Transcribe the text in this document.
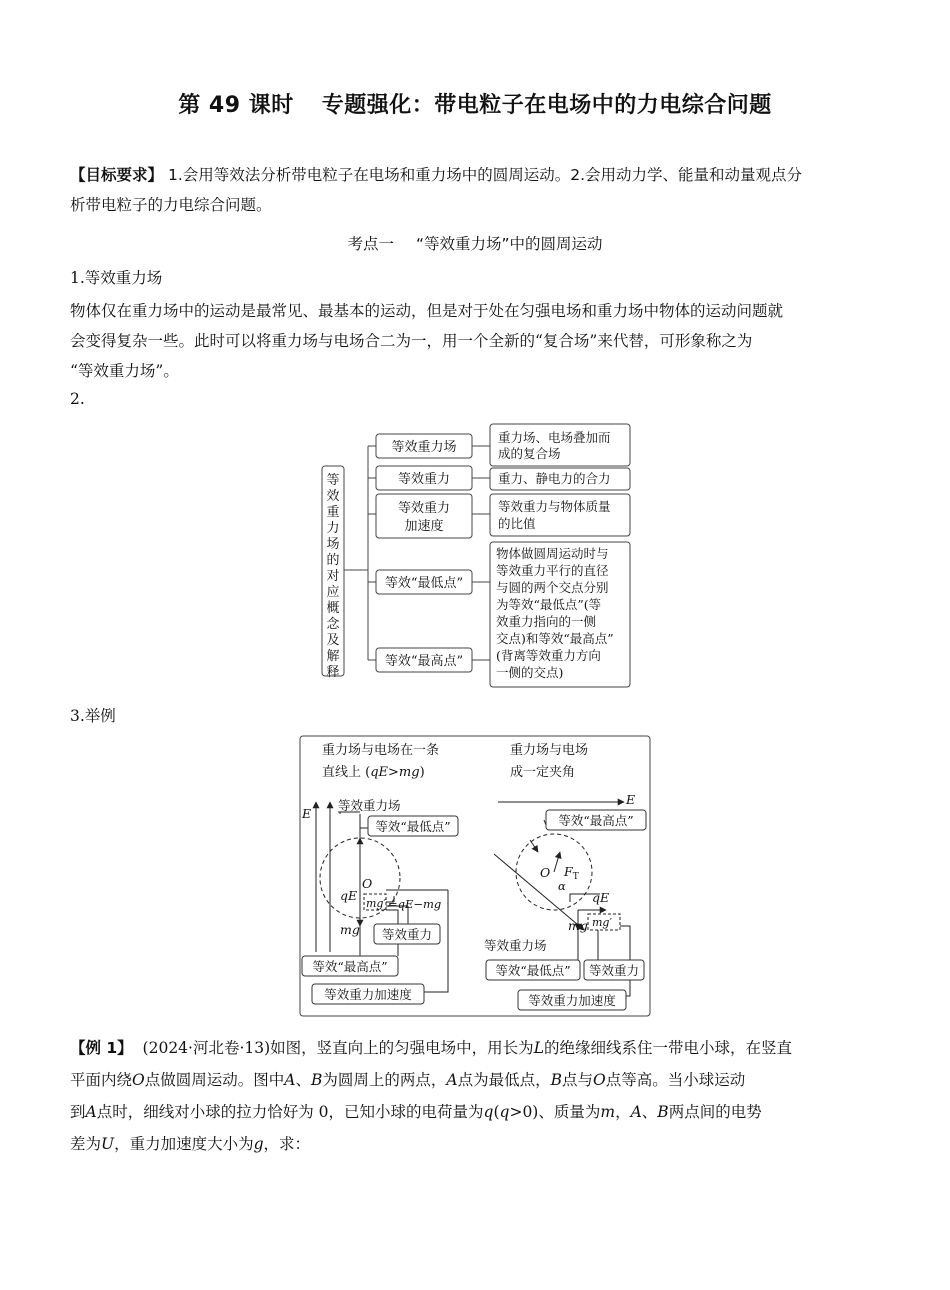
第 49 课时 专题强化：带电粒子在电场中的力电综合问题
【目标要求】 1.会用等效法分析带电粒子在电场和重力场中的圆周运动。2.会用动力学、能量和动量观点分
析带电粒子的力电综合问题。
考点一 “等效重力场”中的圆周运动
1.等效重力场
物体仅在重力场中的运动是最常见、最基本的运动，但是对于处在匀强电场和重力场中物体的运动问题就
会变得复杂一些。此时可以将重力场与电场合二为一，用一个全新的“复合场”来代替，可形象称之为
“等效重力场”。
2.
等
效
重
力
场
的
对
应
概
念
及
解
释
等效重力场
等效重力
等效重力
加速度
等效“最低点”
等效“最高点”
重力场、电场叠加而
成的复合场
重力、静电力的合力
等效重力与物体质量
的比值
物体做圆周运动时与
等效重力平行的直径
与圆的两个交点分别
为等效“最低点”(等
效重力指向的一侧
交点)和等效“最高点”
(背离等效重力方向
一侧的交点)
3.举例
重力场与电场在一条
直线上 (qE>mg)
重力场与电场
成一定夹角
E
等效重力场
O
qE
mg′ =qE−mg
mg
等效“最低点”
等效重力
等效“最高点”
等效重力加速度
E
O $F_T$
α
qE
mg mg′
等效重力场
等效“最高点”
等效“最低点” 等效重力
等效重力加速度
【例 1】 (2024·河北卷·13)如图，竖直向上的匀强电场中，用长为L的绝缘细线系住一带电小球，在竖直
平面内绕O点做圆周运动。图中A、B为圆周上的两点，A点为最低点，B点与O点等高。当小球运动
到A点时，细线对小球的拉力恰好为 0，已知小球的电荷量为q(q>0)、质量为m，A、B两点间的电势
差为U，重力加速度大小为g，求：
